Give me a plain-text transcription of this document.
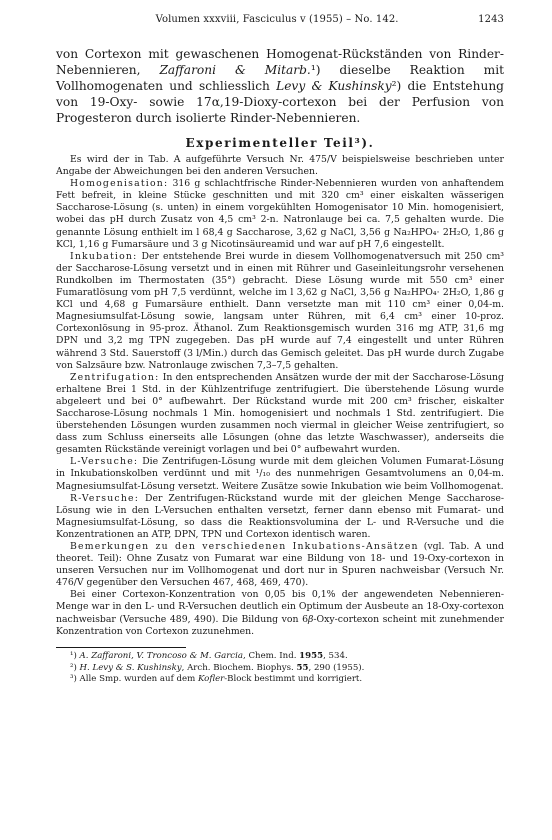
Volumen xxxviii, Fasciculus v (1955) – No. 142.	1243
von Cortexon mit gewaschenen Homogenat-Rückständen von Rinder-Nebennieren, Zaffaroni & Mitarb.¹) dieselbe Reaktion mit Vollhomogenaten und schliesslich Levy & Kushinsky²) die Entstehung von 19-Oxy- sowie 17α,19-Dioxy-cortexon bei der Perfusion von Progesteron durch isolierte Rinder-Nebennieren.
Experimenteller Teil³).

Es wird der in Tab. A aufgeführte Versuch Nr. 475/V beispielsweise beschrieben unter Angabe der Abweichungen bei den anderen Versuchen.

Homogenisation: 316 g schlachtfrische Rinder-Nebennieren wurden von anhaftendem Fett befreit, in kleine Stücke geschnitten und mit 320 cm³ einer eiskalten wässerigen Saccharose-Lösung (s. unten) in einem vorgekühlten Homogenisator 10 Min. homogenisiert, wobei das pH durch Zusatz von 4,5 cm³ 2-n. Natronlauge bei ca. 7,5 gehalten wurde. Die genannte Lösung enthielt im l 68,4 g Saccharose, 3,62 g NaCl, 3,56 g Na₂HPO₄· 2H₂O, 1,86 g KCl, 1,16 g Fumarsäure und 3 g Nicotinsäureamid und war auf pH 7,6 eingestellt.

Inkubation: Der entstehende Brei wurde in diesem Vollhomogenatversuch mit 250 cm³ der Saccharose-Lösung versetzt und in einen mit Rührer und Gaseinleitungsrohr versehenen Rundkolben im Thermostaten (35°) gebracht. Diese Lösung wurde mit 550 cm³ einer Fumaratlösung vom pH 7,5 verdünnt, welche im l 3,62 g NaCl, 3,56 g Na₂HPO₄· 2H₂O, 1,86 g KCl und 4,68 g Fumarsäure enthielt. Dann versetzte man mit 110 cm³ einer 0,04-m. Magnesiumsulfat-Lösung sowie, langsam unter Rühren, mit 6,4 cm³ einer 10-proz. Cortexonlösung in 95-proz. Äthanol. Zum Reaktionsgemisch wurden 316 mg ATP, 31,6 mg DPN und 3,2 mg TPN zugegeben. Das pH wurde auf 7,4 eingestellt und unter Rühren während 3 Std. Sauerstoff (3 l/Min.) durch das Gemisch geleitet. Das pH wurde durch Zugabe von Salzsäure bzw. Natronlauge zwischen 7,3–7,5 gehalten.

Zentrifugation: In den entsprechenden Ansätzen wurde der mit der Saccharose-Lösung erhaltene Brei 1 Std. in der Kühlzentrifuge zentrifugiert. Die überstehende Lösung wurde abgeleert und bei 0° aufbewahrt. Der Rückstand wurde mit 200 cm³ frischer, eiskalter Saccharose-Lösung nochmals 1 Min. homogenisiert und nochmals 1 Std. zentrifugiert. Die überstehenden Lösungen wurden zusammen noch viermal in gleicher Weise zentrifugiert, so dass zum Schluss einerseits alle Lösungen (ohne das letzte Waschwasser), anderseits die gesamten Rückstände vereinigt vorlagen und bei 0° aufbewahrt wurden.

L-Versuche: Die Zentrifugen-Lösung wurde mit dem gleichen Volumen Fumarat-Lösung in Inkubationskolben verdünnt und mit ¹/₁₀ des nunmehrigen Gesamtvolumens an 0,04-m. Magnesiumsulfat-Lösung versetzt. Weitere Zusätze sowie Inkubation wie beim Vollhomogenat.

R-Versuche: Der Zentrifugen-Rückstand wurde mit der gleichen Menge Saccharose-Lösung wie in den L-Versuchen enthalten versetzt, ferner dann ebenso mit Fumarat- und Magnesiumsulfat-Lösung, so dass die Reaktionsvolumina der L- und R-Versuche und die Konzentrationen an ATP, DPN, TPN und Cortexon identisch waren.

Bemerkungen zu den verschiedenen Inkubations-Ansätzen (vgl. Tab. A und theoret. Teil): Ohne Zusatz von Fumarat war eine Bildung von 18- und 19-Oxy-cortexon in unseren Versuchen nur im Vollhomogenat und dort nur in Spuren nachweisbar (Versuch Nr. 476/V gegenüber den Versuchen 467, 468, 469, 470).

Bei einer Cortexon-Konzentration von 0,05 bis 0,1% der angewendeten Nebennieren-Menge war in den L- und R-Versuchen deutlich ein Optimum der Ausbeute an 18-Oxy-cortexon nachweisbar (Versuche 489, 490). Die Bildung von 6β-Oxy-cortexon scheint mit zunehmender Konzentration von Cortexon zuzunehmen.

¹) A. Zaffaroni, V. Troncoso & M. Garcia, Chem. Ind. 1955, 534.
²) H. Levy & S. Kushinsky, Arch. Biochem. Biophys. 55, 290 (1955).
³) Alle Smp. wurden auf dem Kofler-Block bestimmt und korrigiert.
